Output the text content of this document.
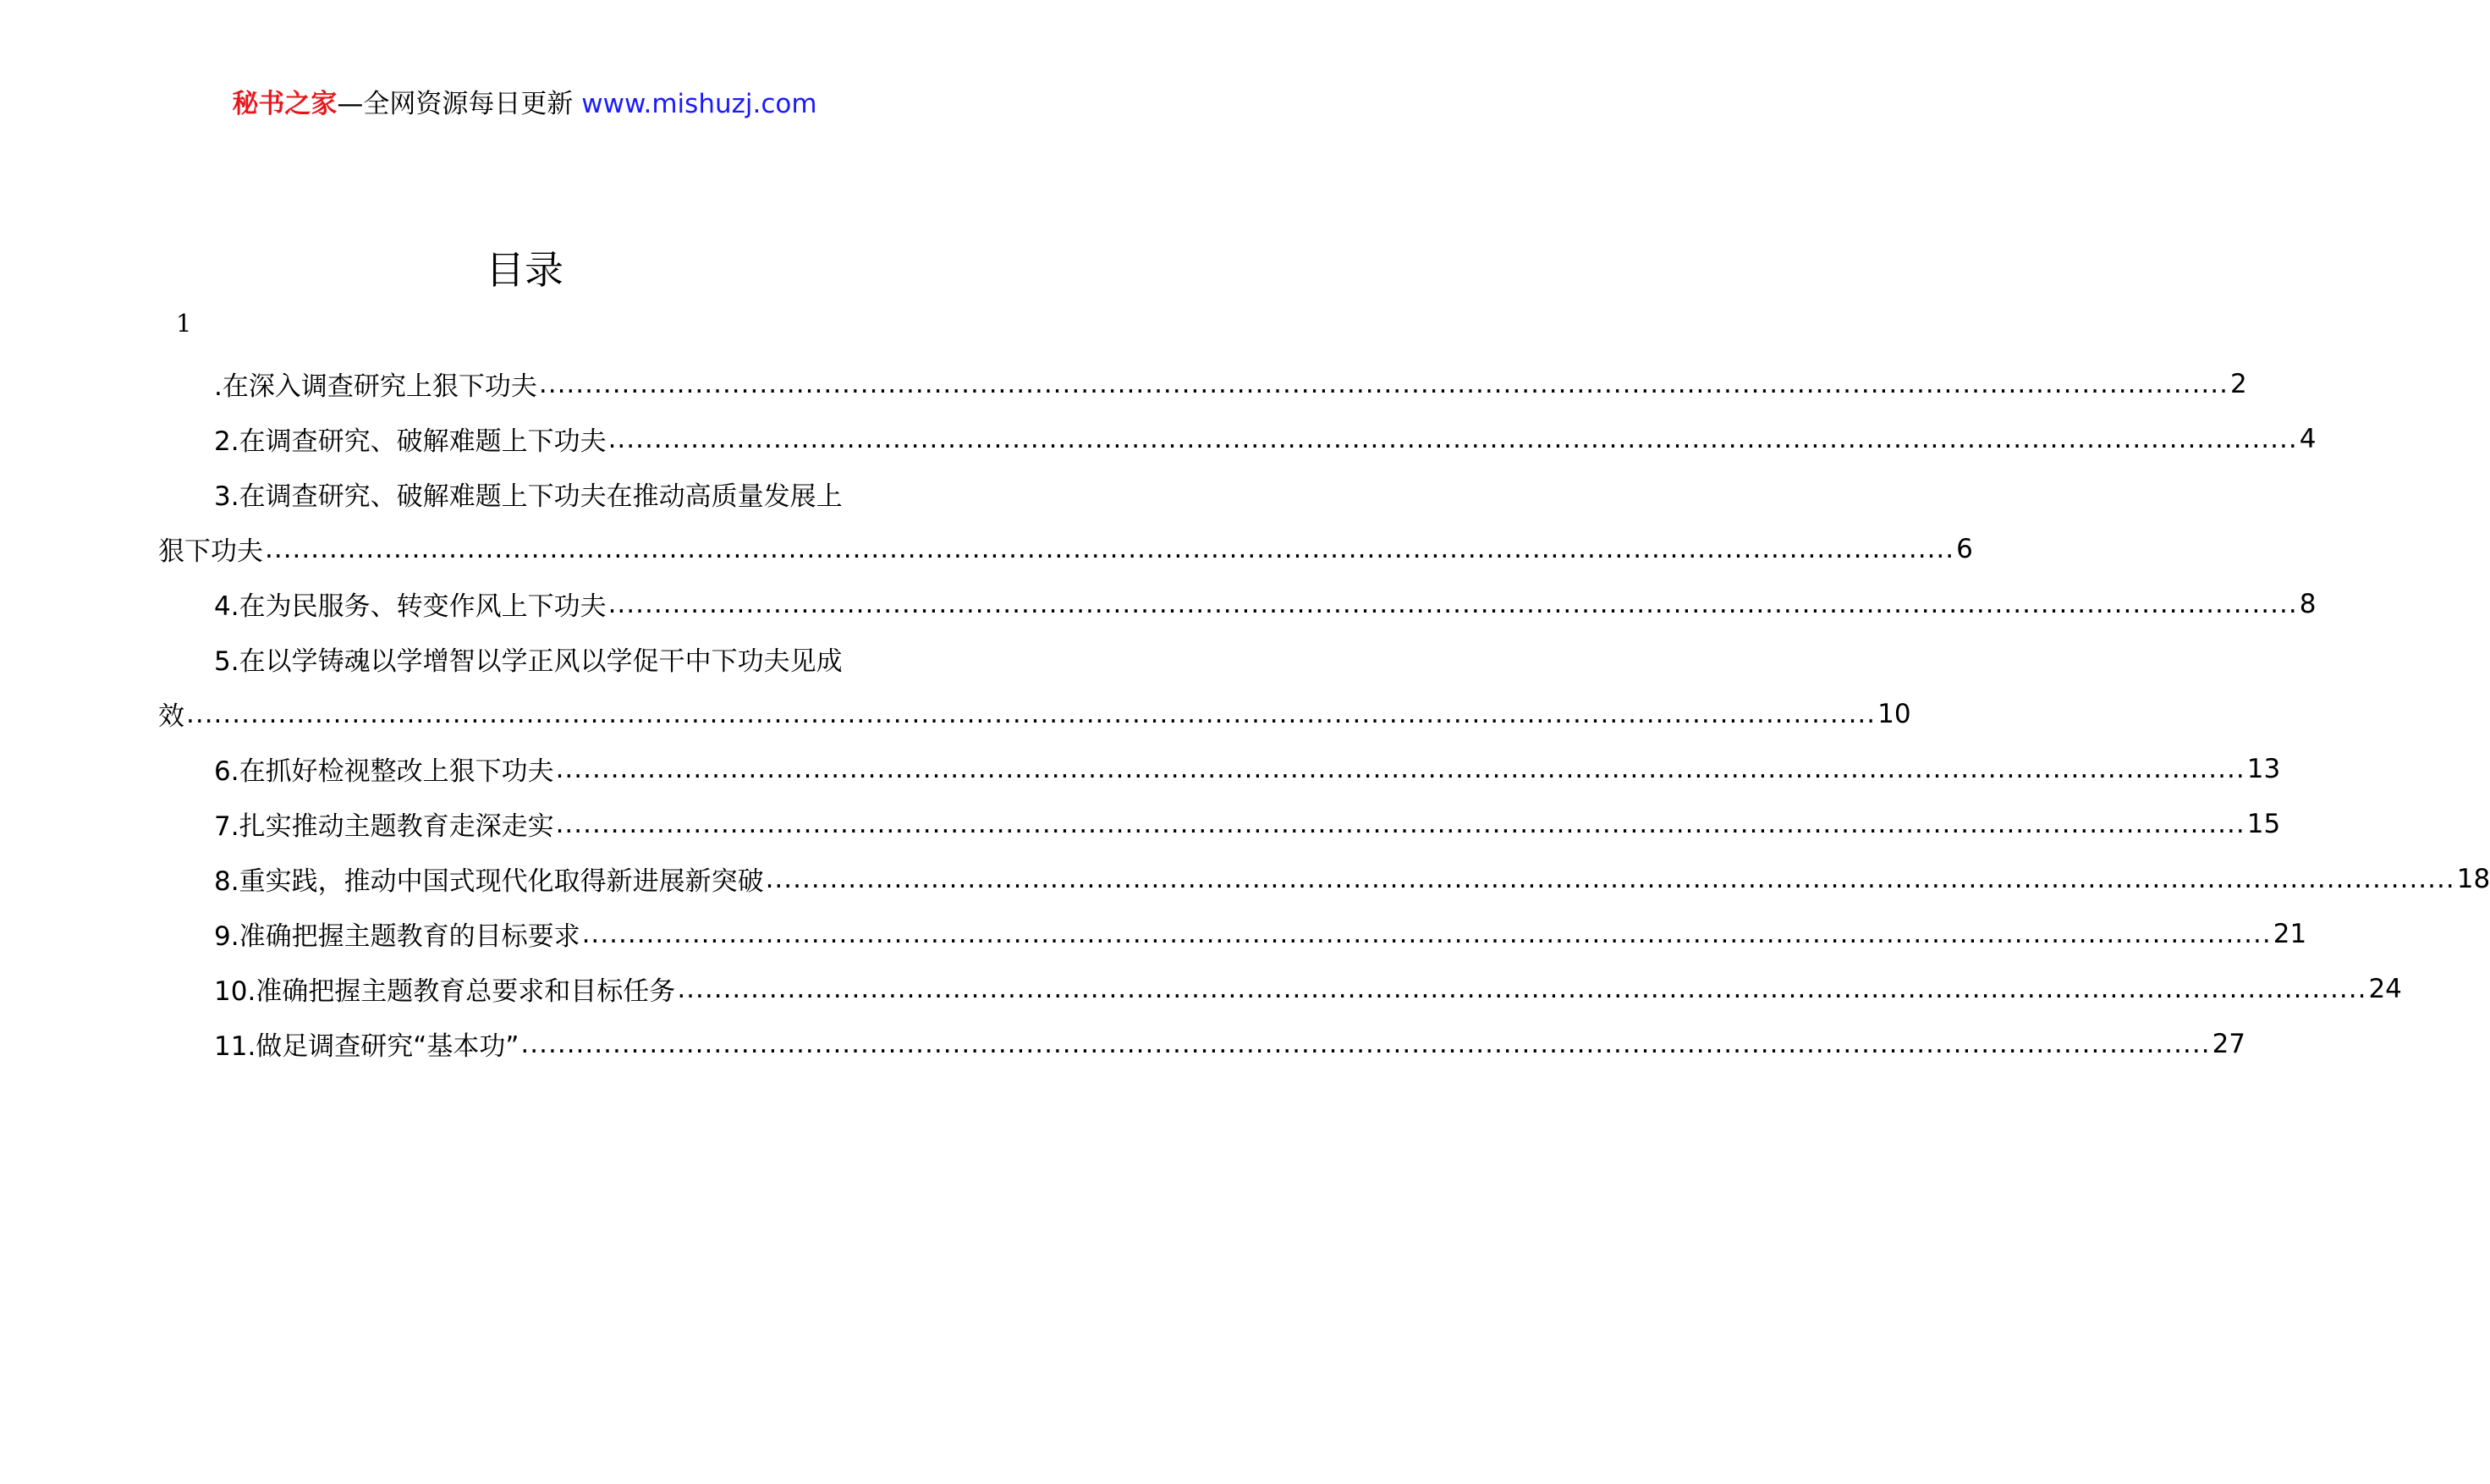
秘书之家—全网资源每日更新 www.mishuzj.com
目录
1
.在深入调查研究上狠下功夫 ........................................................................................................................................................................................ 2
2.在调查研究、破解难题上下功夫 ........................................................................................................................................................................................ 4
3.在调查研究、破解难题上下功夫在推动高质量发展上
狠下功夫 ........................................................................................................................................................................................ 6
4.在为民服务、转变作风上下功夫 ........................................................................................................................................................................................ 8
5.在以学铸魂以学增智以学正风以学促干中下功夫见成
效 ........................................................................................................................................................................................ 10
6.在抓好检视整改上狠下功夫 ........................................................................................................................................................................................ 13
7.扎实推动主题教育走深走实 ........................................................................................................................................................................................ 15
8.重实践，推动中国式现代化取得新进展新突破 ........................................................................................................................................................................................ 18
9.准确把握主题教育的目标要求 ........................................................................................................................................................................................ 21
10.准确把握主题教育总要求和目标任务 ........................................................................................................................................................................................ 24
11.做足调查研究“基本功” ........................................................................................................................................................................................ 27
